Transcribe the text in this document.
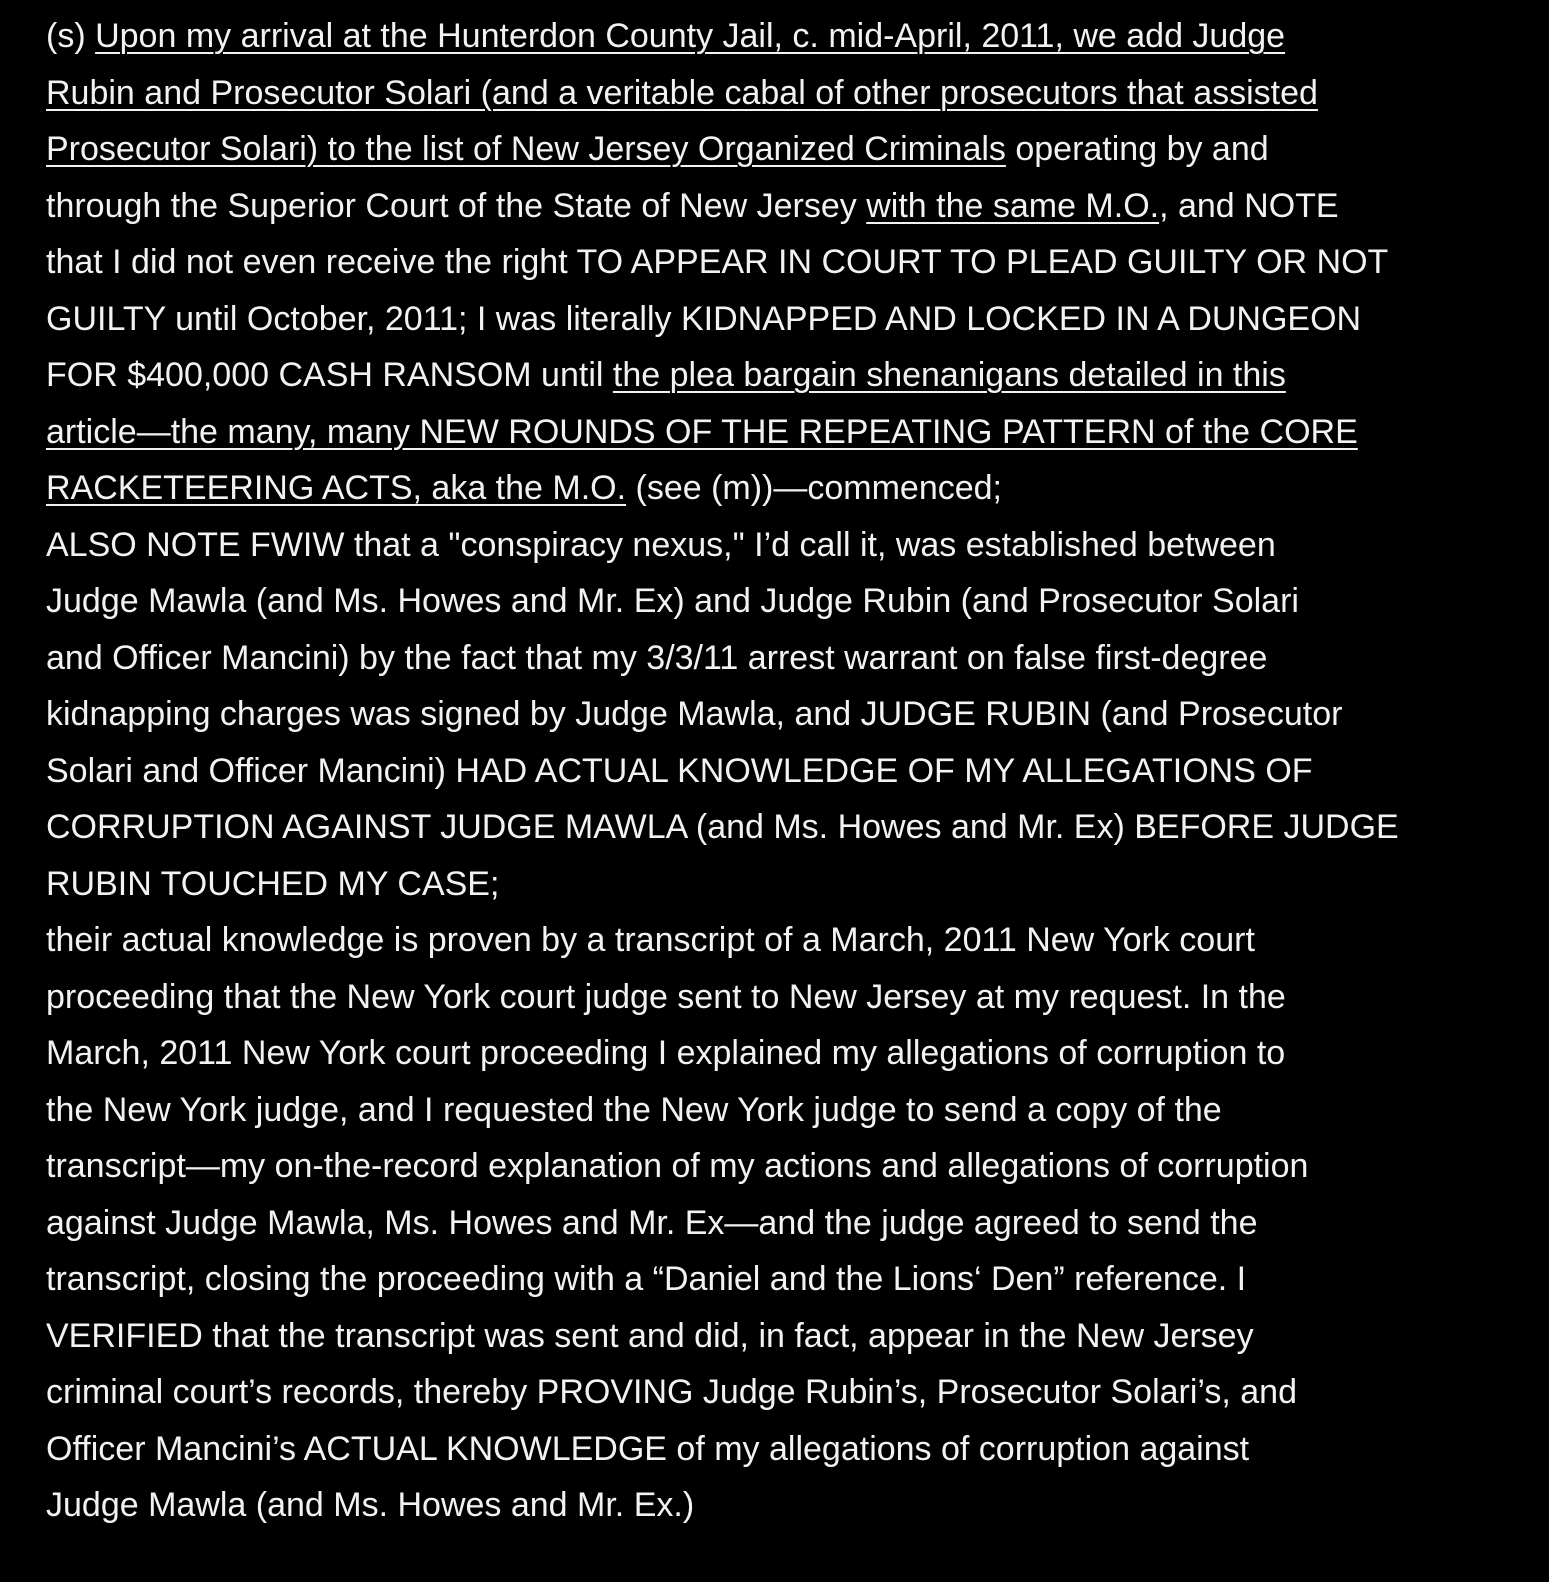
(s) Upon my arrival at the Hunterdon County Jail, c. mid-April, 2011, we add Judge
Rubin and Prosecutor Solari (and a veritable cabal of other prosecutors that assisted
Prosecutor Solari) to the list of New Jersey Organized Criminals operating by and
through the Superior Court of the State of New Jersey with the same M.O., and NOTE
that I did not even receive the right TO APPEAR IN COURT TO PLEAD GUILTY OR NOT
GUILTY until October, 2011; I was literally KIDNAPPED AND LOCKED IN A DUNGEON
FOR $400,000 CASH RANSOM until the plea bargain shenanigans detailed in this
article—the many, many NEW ROUNDS OF THE REPEATING PATTERN of the CORE
RACKETEERING ACTS, aka the M.O. (see (m))—commenced;
ALSO NOTE FWIW that a "conspiracy nexus," I’d call it, was established between
Judge Mawla (and Ms. Howes and Mr. Ex) and Judge Rubin (and Prosecutor Solari
and Officer Mancini) by the fact that my 3/3/11 arrest warrant on false first-degree
kidnapping charges was signed by Judge Mawla, and JUDGE RUBIN (and Prosecutor
Solari and Officer Mancini) HAD ACTUAL KNOWLEDGE OF MY ALLEGATIONS OF
CORRUPTION AGAINST JUDGE MAWLA (and Ms. Howes and Mr. Ex) BEFORE JUDGE
RUBIN TOUCHED MY CASE;
their actual knowledge is proven by a transcript of a March, 2011 New York court
proceeding that the New York court judge sent to New Jersey at my request. In the
March, 2011 New York court proceeding I explained my allegations of corruption to
the New York judge, and I requested the New York judge to send a copy of the
transcript—my on-the-record explanation of my actions and allegations of corruption
against Judge Mawla, Ms. Howes and Mr. Ex—and the judge agreed to send the
transcript, closing the proceeding with a “Daniel and the Lions‘ Den” reference. I
VERIFIED that the transcript was sent and did, in fact, appear in the New Jersey
criminal court’s records, thereby PROVING Judge Rubin’s, Prosecutor Solari’s, and
Officer Mancini’s ACTUAL KNOWLEDGE of my allegations of corruption against
Judge Mawla (and Ms. Howes and Mr. Ex.)
